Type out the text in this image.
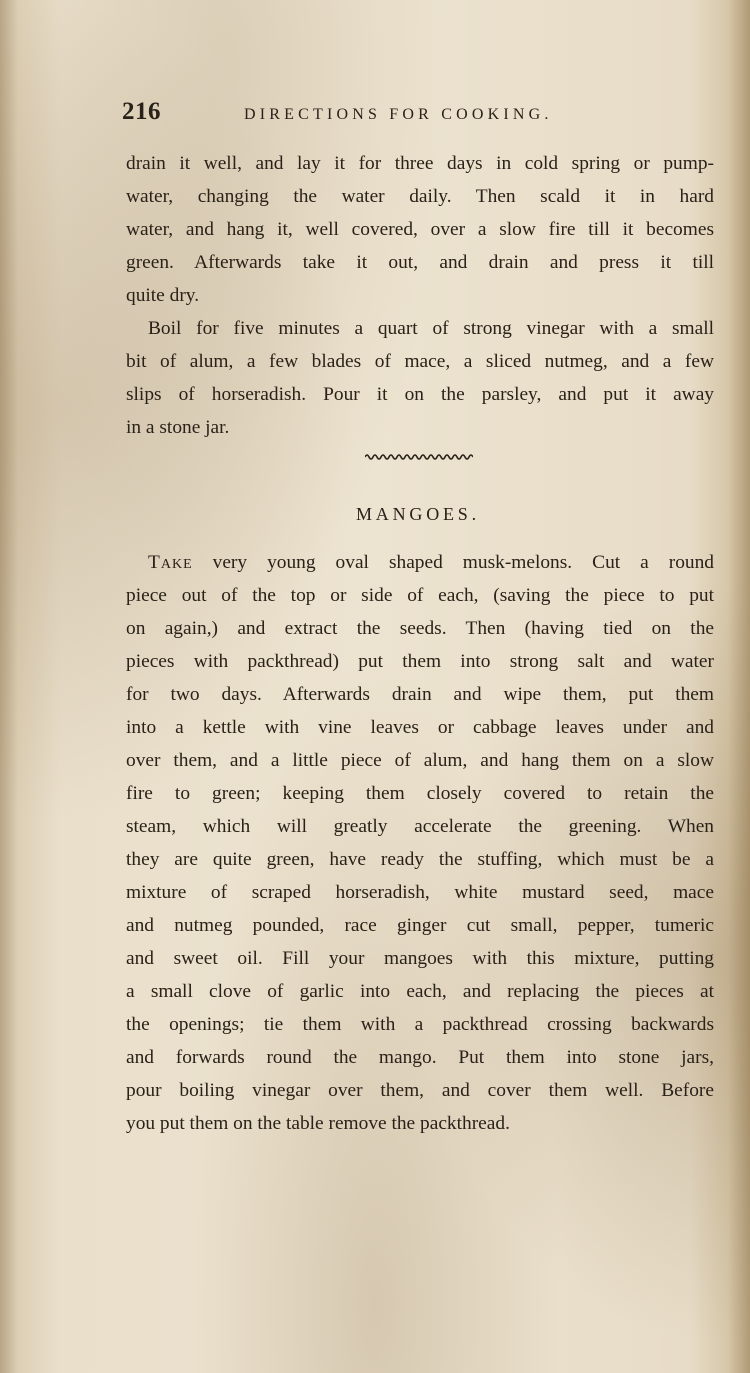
216	DIRECTIONS FOR COOKING.
drain it well, and lay it for three days in cold spring or pump-
water, changing the water daily. Then scald it in hard
water, and hang it, well covered, over a slow fire till it becomes
green. Afterwards take it out, and drain and press it till
quite dry.
Boil for five minutes a quart of strong vinegar with a small
bit of alum, a few blades of mace, a sliced nutmeg, and a few
slips of horseradish. Pour it on the parsley, and put it away
in a stone jar.
MANGOES.
Take very young oval shaped musk-melons. Cut a round
piece out of the top or side of each, (saving the piece to put
on again,) and extract the seeds. Then (having tied on the
pieces with packthread) put them into strong salt and water
for two days. Afterwards drain and wipe them, put them
into a kettle with vine leaves or cabbage leaves under and
over them, and a little piece of alum, and hang them on a slow
fire to green; keeping them closely covered to retain the
steam, which will greatly accelerate the greening. When
they are quite green, have ready the stuffing, which must be a
mixture of scraped horseradish, white mustard seed, mace
and nutmeg pounded, race ginger cut small, pepper, tumeric
and sweet oil. Fill your mangoes with this mixture, putting
a small clove of garlic into each, and replacing the pieces at
the openings; tie them with a packthread crossing backwards
and forwards round the mango. Put them into stone jars,
pour boiling vinegar over them, and cover them well. Before
you put them on the table remove the packthread.
